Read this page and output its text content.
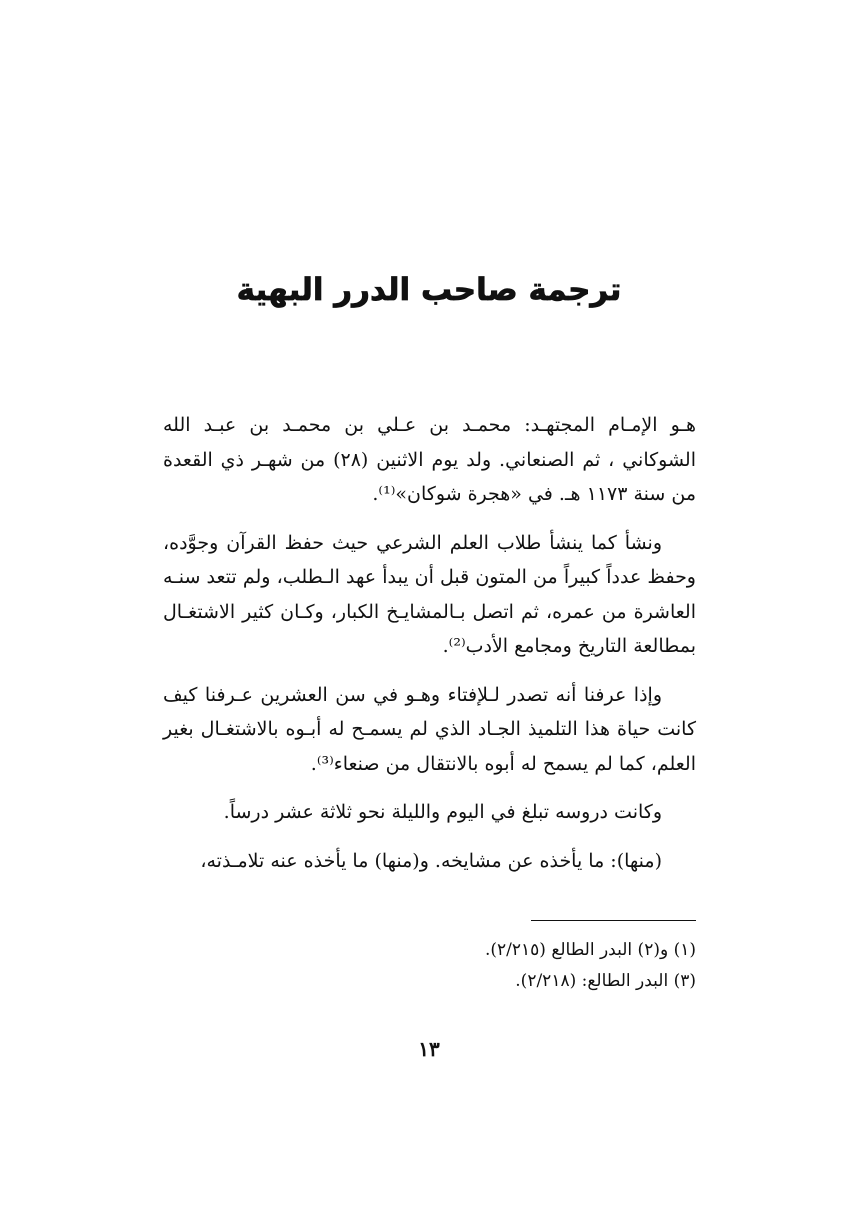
ترجمة صاحب الدرر البهية

هـو الإمـام المجتهـد: محمـد بن عـلي بن محمـد بن عبـد الله الشوكاني ، ثم الصنعاني. ولد يوم الاثنين (٢٨) من شهـر ذي القعدة من سنة ١١٧٣ هـ. في «هجرة شوكان»⁽¹⁾.

ونشأ كما ينشأ طلاب العلم الشرعي حيث حفظ القرآن وجوَّده، وحفظ عدداً كبيراً من المتون قبل أن يبدأ عهد الـطلب، ولم تتعد سنـه العاشرة من عمره، ثم اتصل بـالمشايـخ الكبار، وكـان كثير الاشتغـال بمطالعة التاريخ ومجامع الأدب⁽²⁾.

وإذا عرفنا أنه تصدر لـلإفتاء وهـو في سن العشرين عـرفنا كيف كانت حياة هذا التلميذ الجـاد الذي لم يسمـح له أبـوه بالاشتغـال بغير العلم، كما لم يسمح له أبوه بالانتقال من صنعاء⁽³⁾.

وكانت دروسه تبلغ في اليوم والليلة نحو ثلاثة عشر درساً.

(منها): ما يأخذه عن مشايخه. و(منها) ما يأخذه عنه تلامـذته،

(١) و(٢) البدر الطالع (٢/٢١٥).

(٣) البدر الطالع: (٢/٢١٨).

١٣
